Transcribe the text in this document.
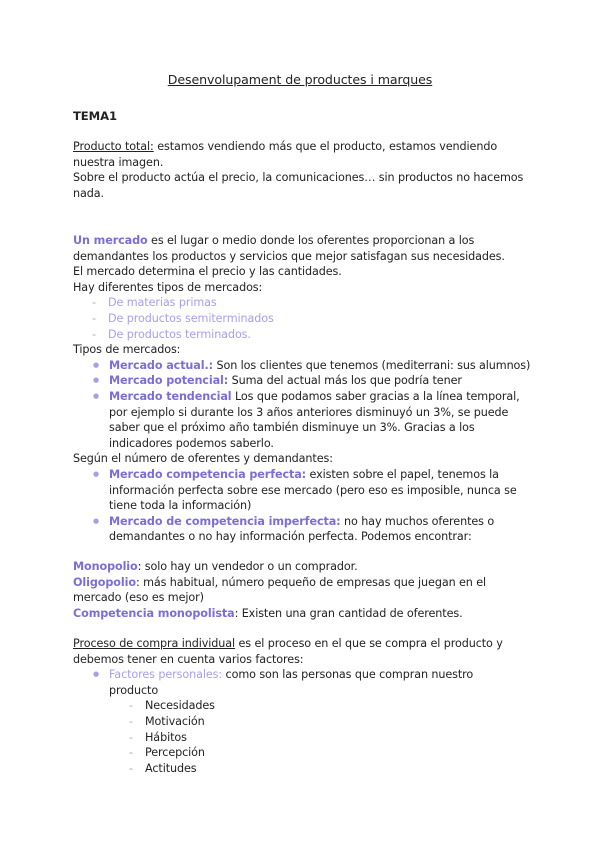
Desenvolupament de productes i marques
TEMA1
Producto total: estamos vendiendo más que el producto, estamos vendiendo
nuestra imagen.
Sobre el producto actúa el precio, la comunicaciones… sin productos no hacemos
nada.
Un mercado es el lugar o medio donde los oferentes proporcionan a los
demandantes los productos y servicios que mejor satisfagan sus necesidades.
El mercado determina el precio y las cantidades.
Hay diferentes tipos de mercados:
- De materias primas
- De productos semiterminados
- De productos terminados.
Tipos de mercados:
● Mercado actual.: Son los clientes que tenemos (mediterrani: sus alumnos)
● Mercado potencial: Suma del actual más los que podría tener
● Mercado tendencial Los que podamos saber gracias a la línea temporal,
por ejemplo si durante los 3 años anteriores disminuyó un 3%, se puede
saber que el próximo año también disminuye un 3%. Gracias a los
indicadores podemos saberlo.
Según el número de oferentes y demandantes:
● Mercado competencia perfecta: existen sobre el papel, tenemos la
información perfecta sobre ese mercado (pero eso es imposible, nunca se
tiene toda la información)
● Mercado de competencia imperfecta: no hay muchos oferentes o
demandantes o no hay información perfecta. Podemos encontrar:
Monopolio: solo hay un vendedor o un comprador.
Oligopolio: más habitual, número pequeño de empresas que juegan en el
mercado (eso es mejor)
Competencia monopolista: Existen una gran cantidad de oferentes.
Proceso de compra individual es el proceso en el que se compra el producto y
debemos tener en cuenta varios factores:
● Factores personales: como son las personas que compran nuestro
producto
- Necesidades
- Motivación
- Hábitos
- Percepción
- Actitudes
